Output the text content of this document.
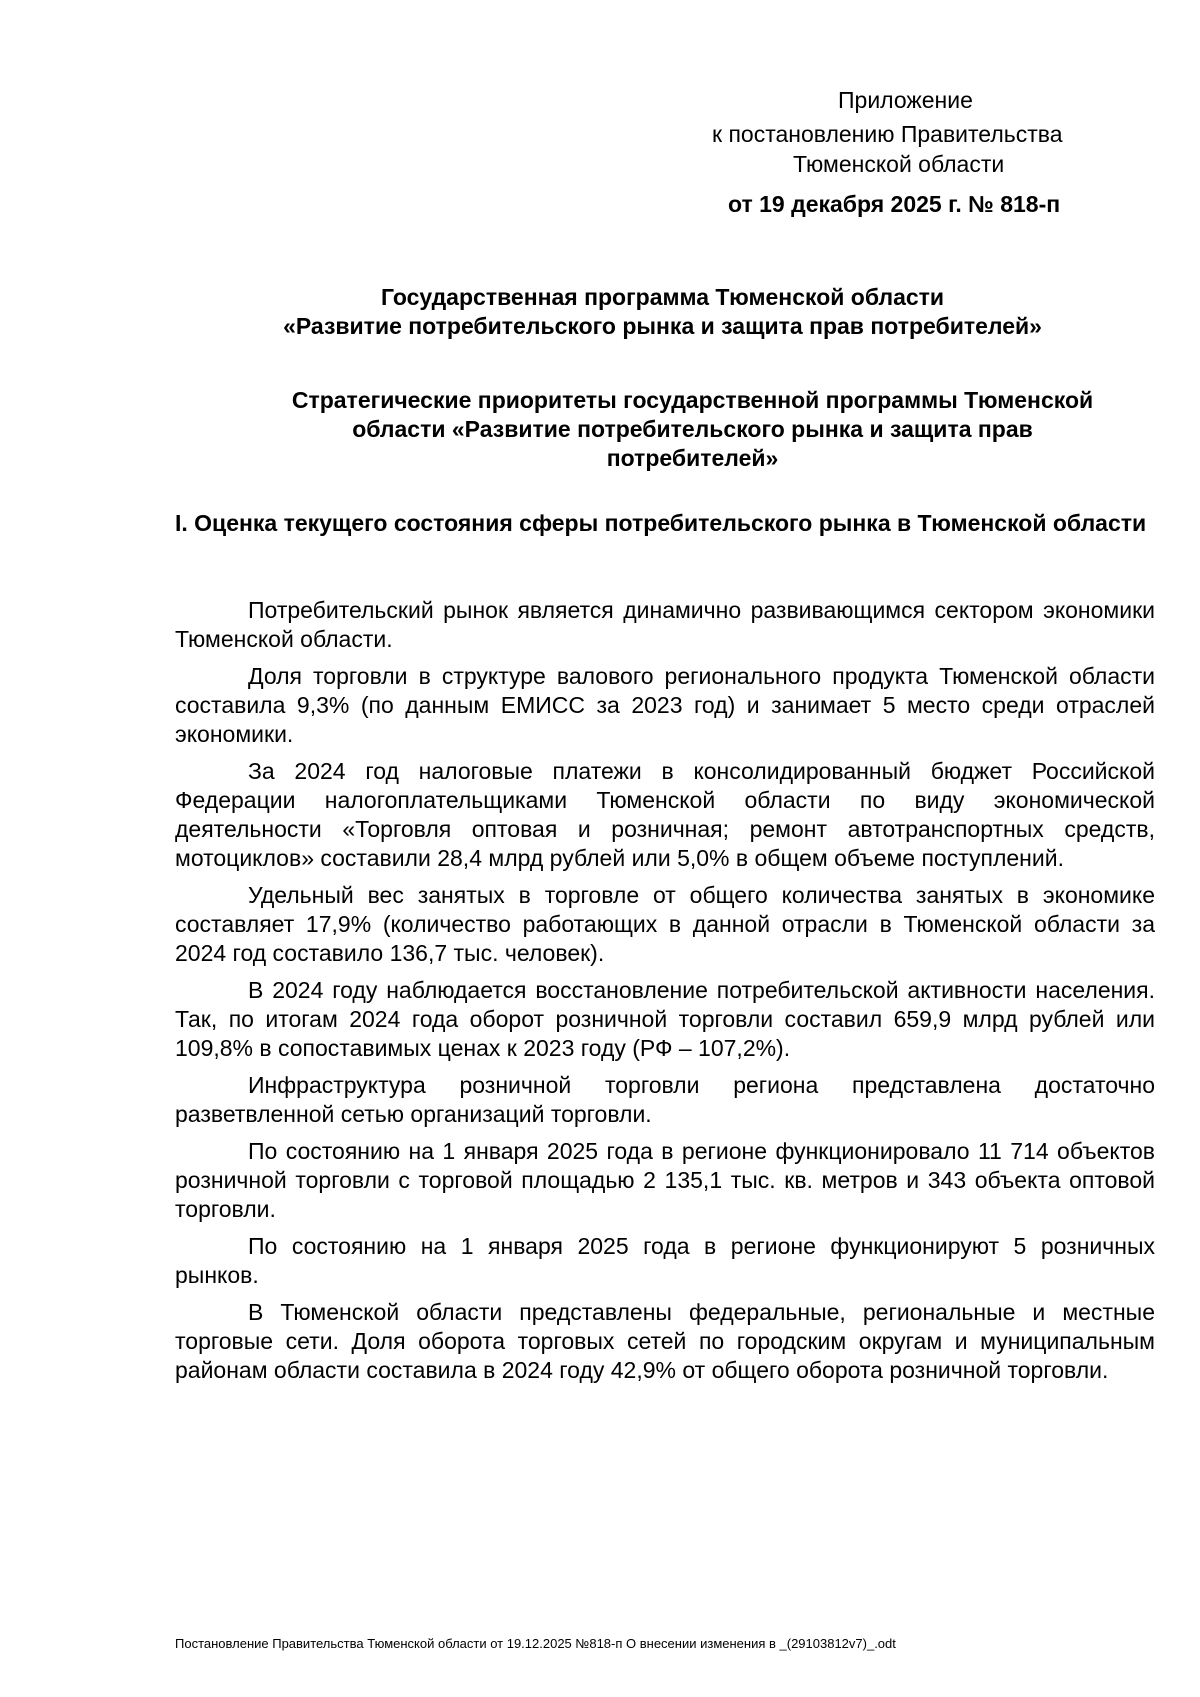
Приложение
к постановлению Правительства
Тюменской области
от 19 декабря 2025 г. № 818-п
Государственная программа Тюменской области
«Развитие потребительского рынка и защита прав потребителей»
Стратегические приоритеты государственной программы Тюменской
области «Развитие потребительского рынка и защита прав
потребителей»
I. Оценка текущего состояния сферы потребительского рынка в Тюменской области

Потребительский рынок является динамично развивающимся сектором экономики Тюменской области.

Доля торговли в структуре валового регионального продукта Тюменской области составила 9,3% (по данным ЕМИСС за 2023 год) и занимает 5 место среди отраслей экономики.

За 2024 год налоговые платежи в консолидированный бюджет Российской Федерации налогоплательщиками Тюменской области по виду экономической деятельности «Торговля оптовая и розничная; ремонт автотранспортных средств, мотоциклов» составили 28,4 млрд рублей или 5,0% в общем объеме поступлений.

Удельный вес занятых в торговле от общего количества занятых в экономике составляет 17,9% (количество работающих в данной отрасли в Тюменской области за 2024 год составило 136,7 тыс. человек).

В 2024 году наблюдается восстановление потребительской активности населения. Так, по итогам 2024 года оборот розничной торговли составил 659,9 млрд рублей или 109,8% в сопоставимых ценах к 2023 году (РФ – 107,2%).

Инфраструктура розничной торговли региона представлена достаточно разветвленной сетью организаций торговли.

По состоянию на 1 января 2025 года в регионе функционировало 11 714 объектов розничной торговли с торговой площадью 2 135,1 тыс. кв. метров и 343 объекта оптовой торговли.

По состоянию на 1 января 2025 года в регионе функционируют 5 розничных рынков.

В Тюменской области представлены федеральные, региональные и местные торговые сети. Доля оборота торговых сетей по городским округам и муниципальным районам области составила в 2024 году 42,9% от общего оборота розничной торговли.

Постановление Правительства Тюменской области от 19.12.2025 №818-п О внесении изменения в _(29103812v7)_.odt
